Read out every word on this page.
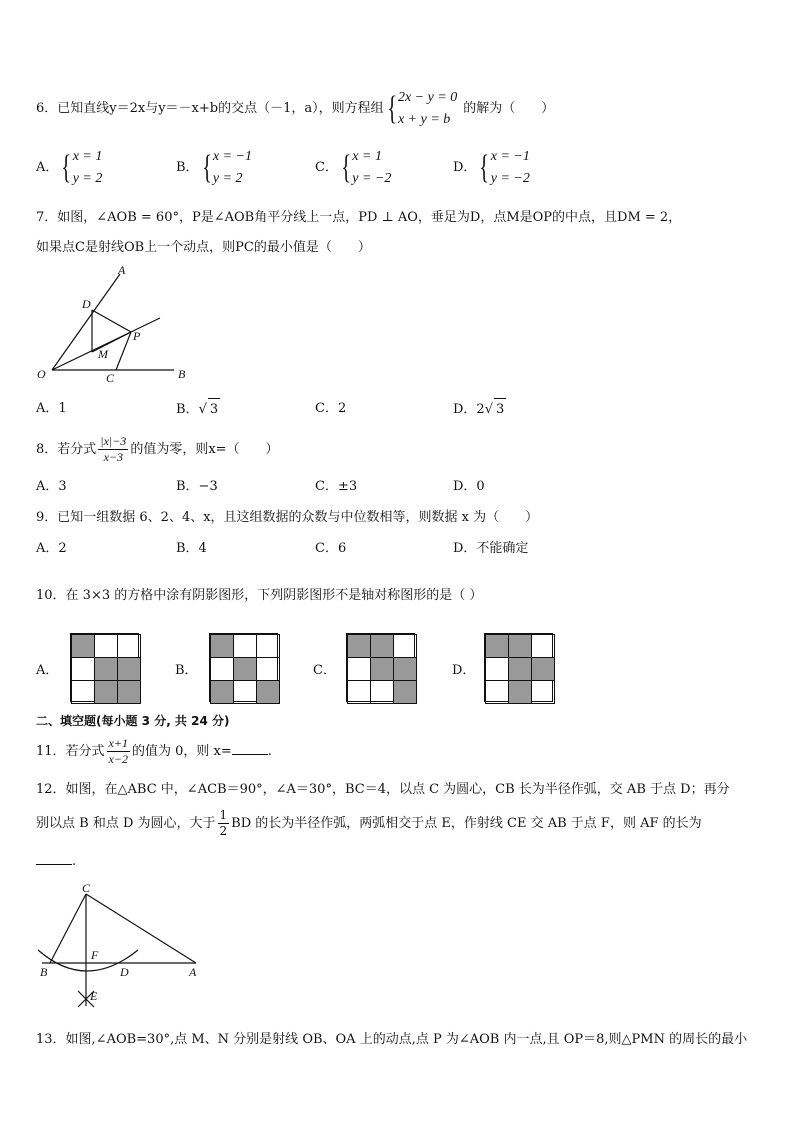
6．已知直线y＝2x与y＝－x+b的交点（－1，a），则方程组{ 2x − y = 0
x + y = b
的解为（　　）
A．{ x = 1
y = 2
B．{ x = −1
y = 2
C．{ x = 1
y = −2
D．{ x = −1
y = −2
7．如图，∠AOB = 60°，P是∠AOB角平分线上一点，PD ⊥ AO，垂足为D，点M是OP的中点，且DM = 2，
如果点C是射线OB上一个动点，则PC的最小值是（　　）
A
D
P
M
O	C	B
A．1	B．√ 3	C．2	D．2√ 3
8．若分式 $\frac{|x|-3}{x-3}$ 的值为零，则x=（　　）
A．3	B．−3	C．±3	D．0
9．已知一组数据 6、2、4、x，且这组数据的众数与中位数相等，则数据 x 为（　　）
A．2	B．4	C．6	D．不能确定
10．在 3×3 的方格中涂有阴影图形，下列阴影图形不是轴对称图形的是（ ）
A．	B．	C．	D．
二、填空题(每小题 3 分, 共 24 分)
11．若分式 $\frac{x+1}{x-2}$ 的值为 0，则 x=	.
12．如图，在△ABC 中，∠ACB＝90°，∠A＝30°，BC＝4，以点 C 为圆心，CB 长为半径作弧，交 AB 于点 D；再分
别以点 B 和点 D 为圆心，大于 $\frac{1}{2}$ BD 的长为半径作弧，两弧相交于点 E，作射线 CE 交 AB 于点 F，则 AF 的长为
.
C
F
B	D	A
E
13．如图,∠AOB=30°,点 M、N 分别是射线 OB、OA 上的动点,点 P 为∠AOB 内一点,且 OP＝8,则△PMN 的周长的最小
